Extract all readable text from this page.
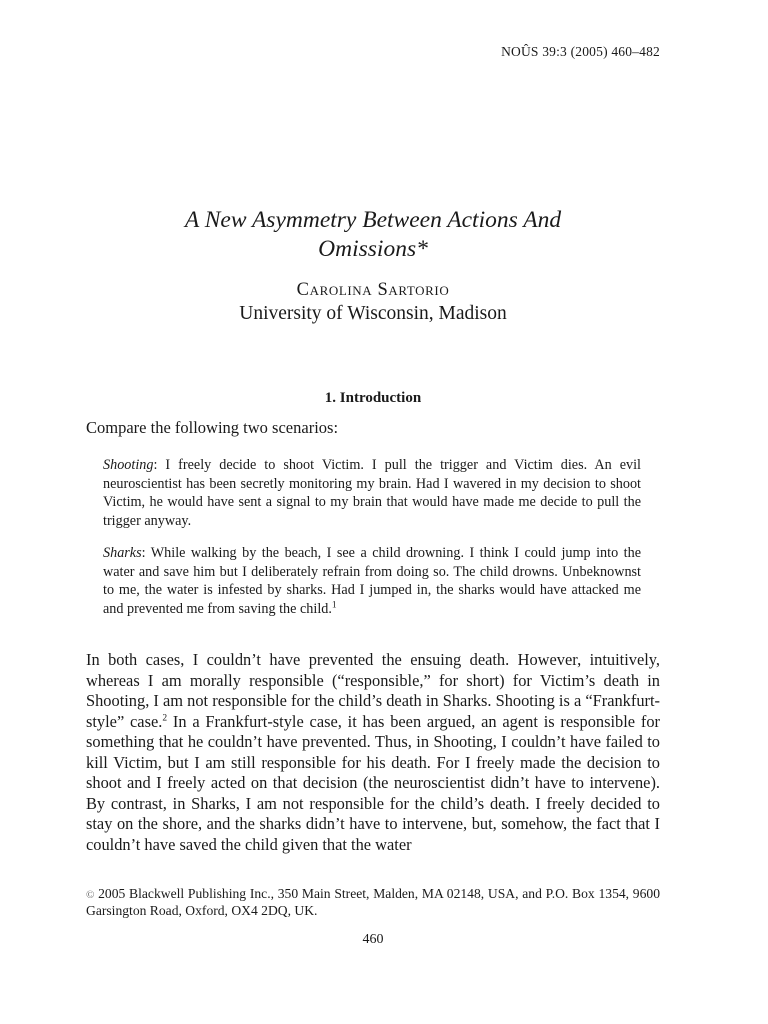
NOÛS 39:3 (2005) 460–482
A New Asymmetry Between Actions And
Omissions*
Carolina Sartorio
University of Wisconsin, Madison
1. Introduction
Compare the following two scenarios:
Shooting: I freely decide to shoot Victim. I pull the trigger and Victim dies. An evil neuroscientist has been secretly monitoring my brain. Had I wavered in my decision to shoot Victim, he would have sent a signal to my brain that would have made me decide to pull the trigger anyway.
Sharks: While walking by the beach, I see a child drowning. I think I could jump into the water and save him but I deliberately refrain from doing so. The child drowns. Unbeknownst to me, the water is infested by sharks. Had I jumped in, the sharks would have attacked me and prevented me from saving the child.$^1$
In both cases, I couldn’t have prevented the ensuing death. However, intuitively, whereas I am morally responsible (“responsible,” for short) for Victim’s death in Shooting, I am not responsible for the child’s death in Sharks. Shooting is a “Frankfurt-style” case.$^2$ In a Frankfurt-style case, it has been argued, an agent is responsible for something that he couldn’t have prevented. Thus, in Shooting, I couldn’t have failed to kill Victim, but I am still responsible for his death. For I freely made the decision to shoot and I freely acted on that decision (the neuroscientist didn’t have to intervene). By contrast, in Sharks, I am not responsible for the child’s death. I freely decided to stay on the shore, and the sharks didn’t have to intervene, but, somehow, the fact that I couldn’t have saved the child given that the water
© 2005 Blackwell Publishing Inc., 350 Main Street, Malden, MA 02148, USA, and P.O. Box 1354, 9600 Garsington Road, Oxford, OX4 2DQ, UK.
460
